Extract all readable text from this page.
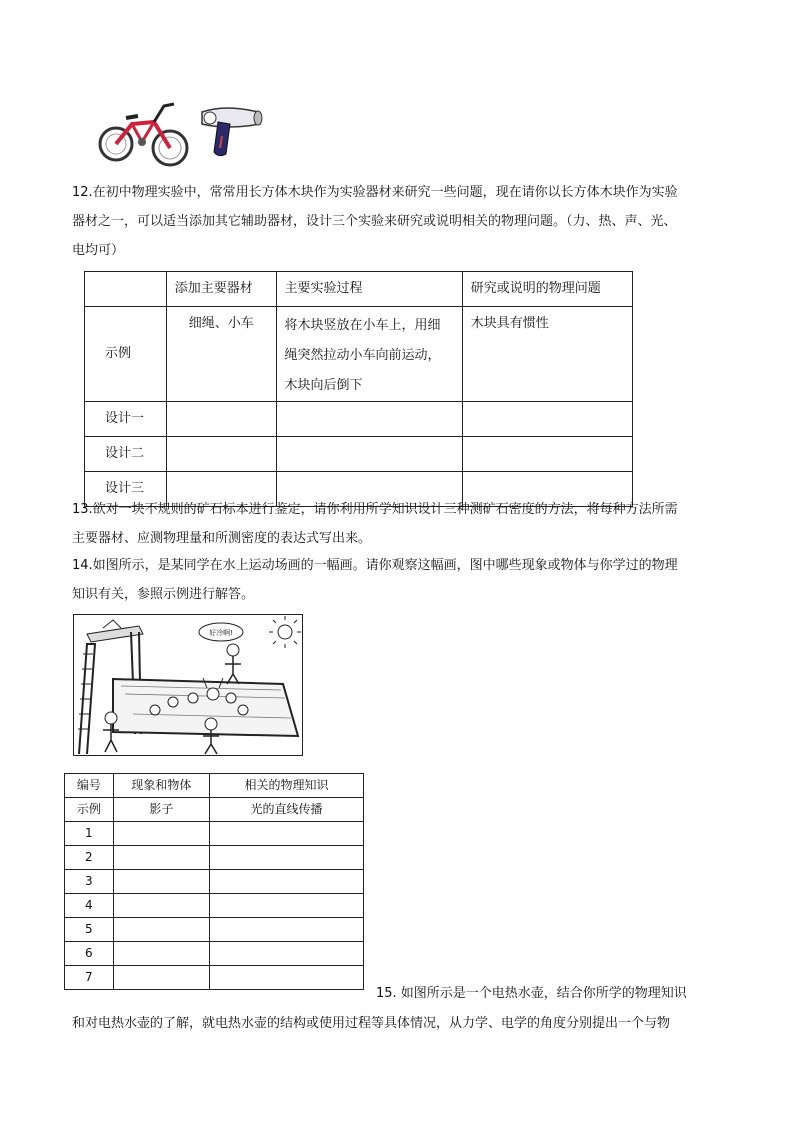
12.在初中物理实验中，常常用长方体木块作为实验器材来研究一些问题，现在请你以长方体木块作为实验
器材之一，可以适当添加其它辅助器材，设计三个实验来研究或说明相关的物理问题。（力、热、声、光、
电均可）

	添加主要器材	主要实验过程	研究或说明的物理问题

示例	细绳、小车	将木块竖放在小车上，用细
绳突然拉动小车向前运动，
木块向后倒下	木块具有惯性

设计一			

设计二			

设计三			

13.欲对一块不规则的矿石标本进行鉴定，请你利用所学知识设计三种测矿石密度的方法，将每种方法所需
主要器材、应测物理量和所测密度的表达式写出来。
14.如图所示，是某同学在水上运动场画的一幅画。请你观察这幅画，图中哪些现象或物体与你学过的物理
知识有关，参照示例进行解答。
好冷啊!
编号	现象和物体	相关的物理知识

示例	影子	光的直线传播

1		

2		

3		

4		

5		

6		

7		

15. 如图所示是一个电热水壶，结合你所学的物理知识
和对电热水壶的了解，就电热水壶的结构或使用过程等具体情况，从力学、电学的角度分别提出一个与物
